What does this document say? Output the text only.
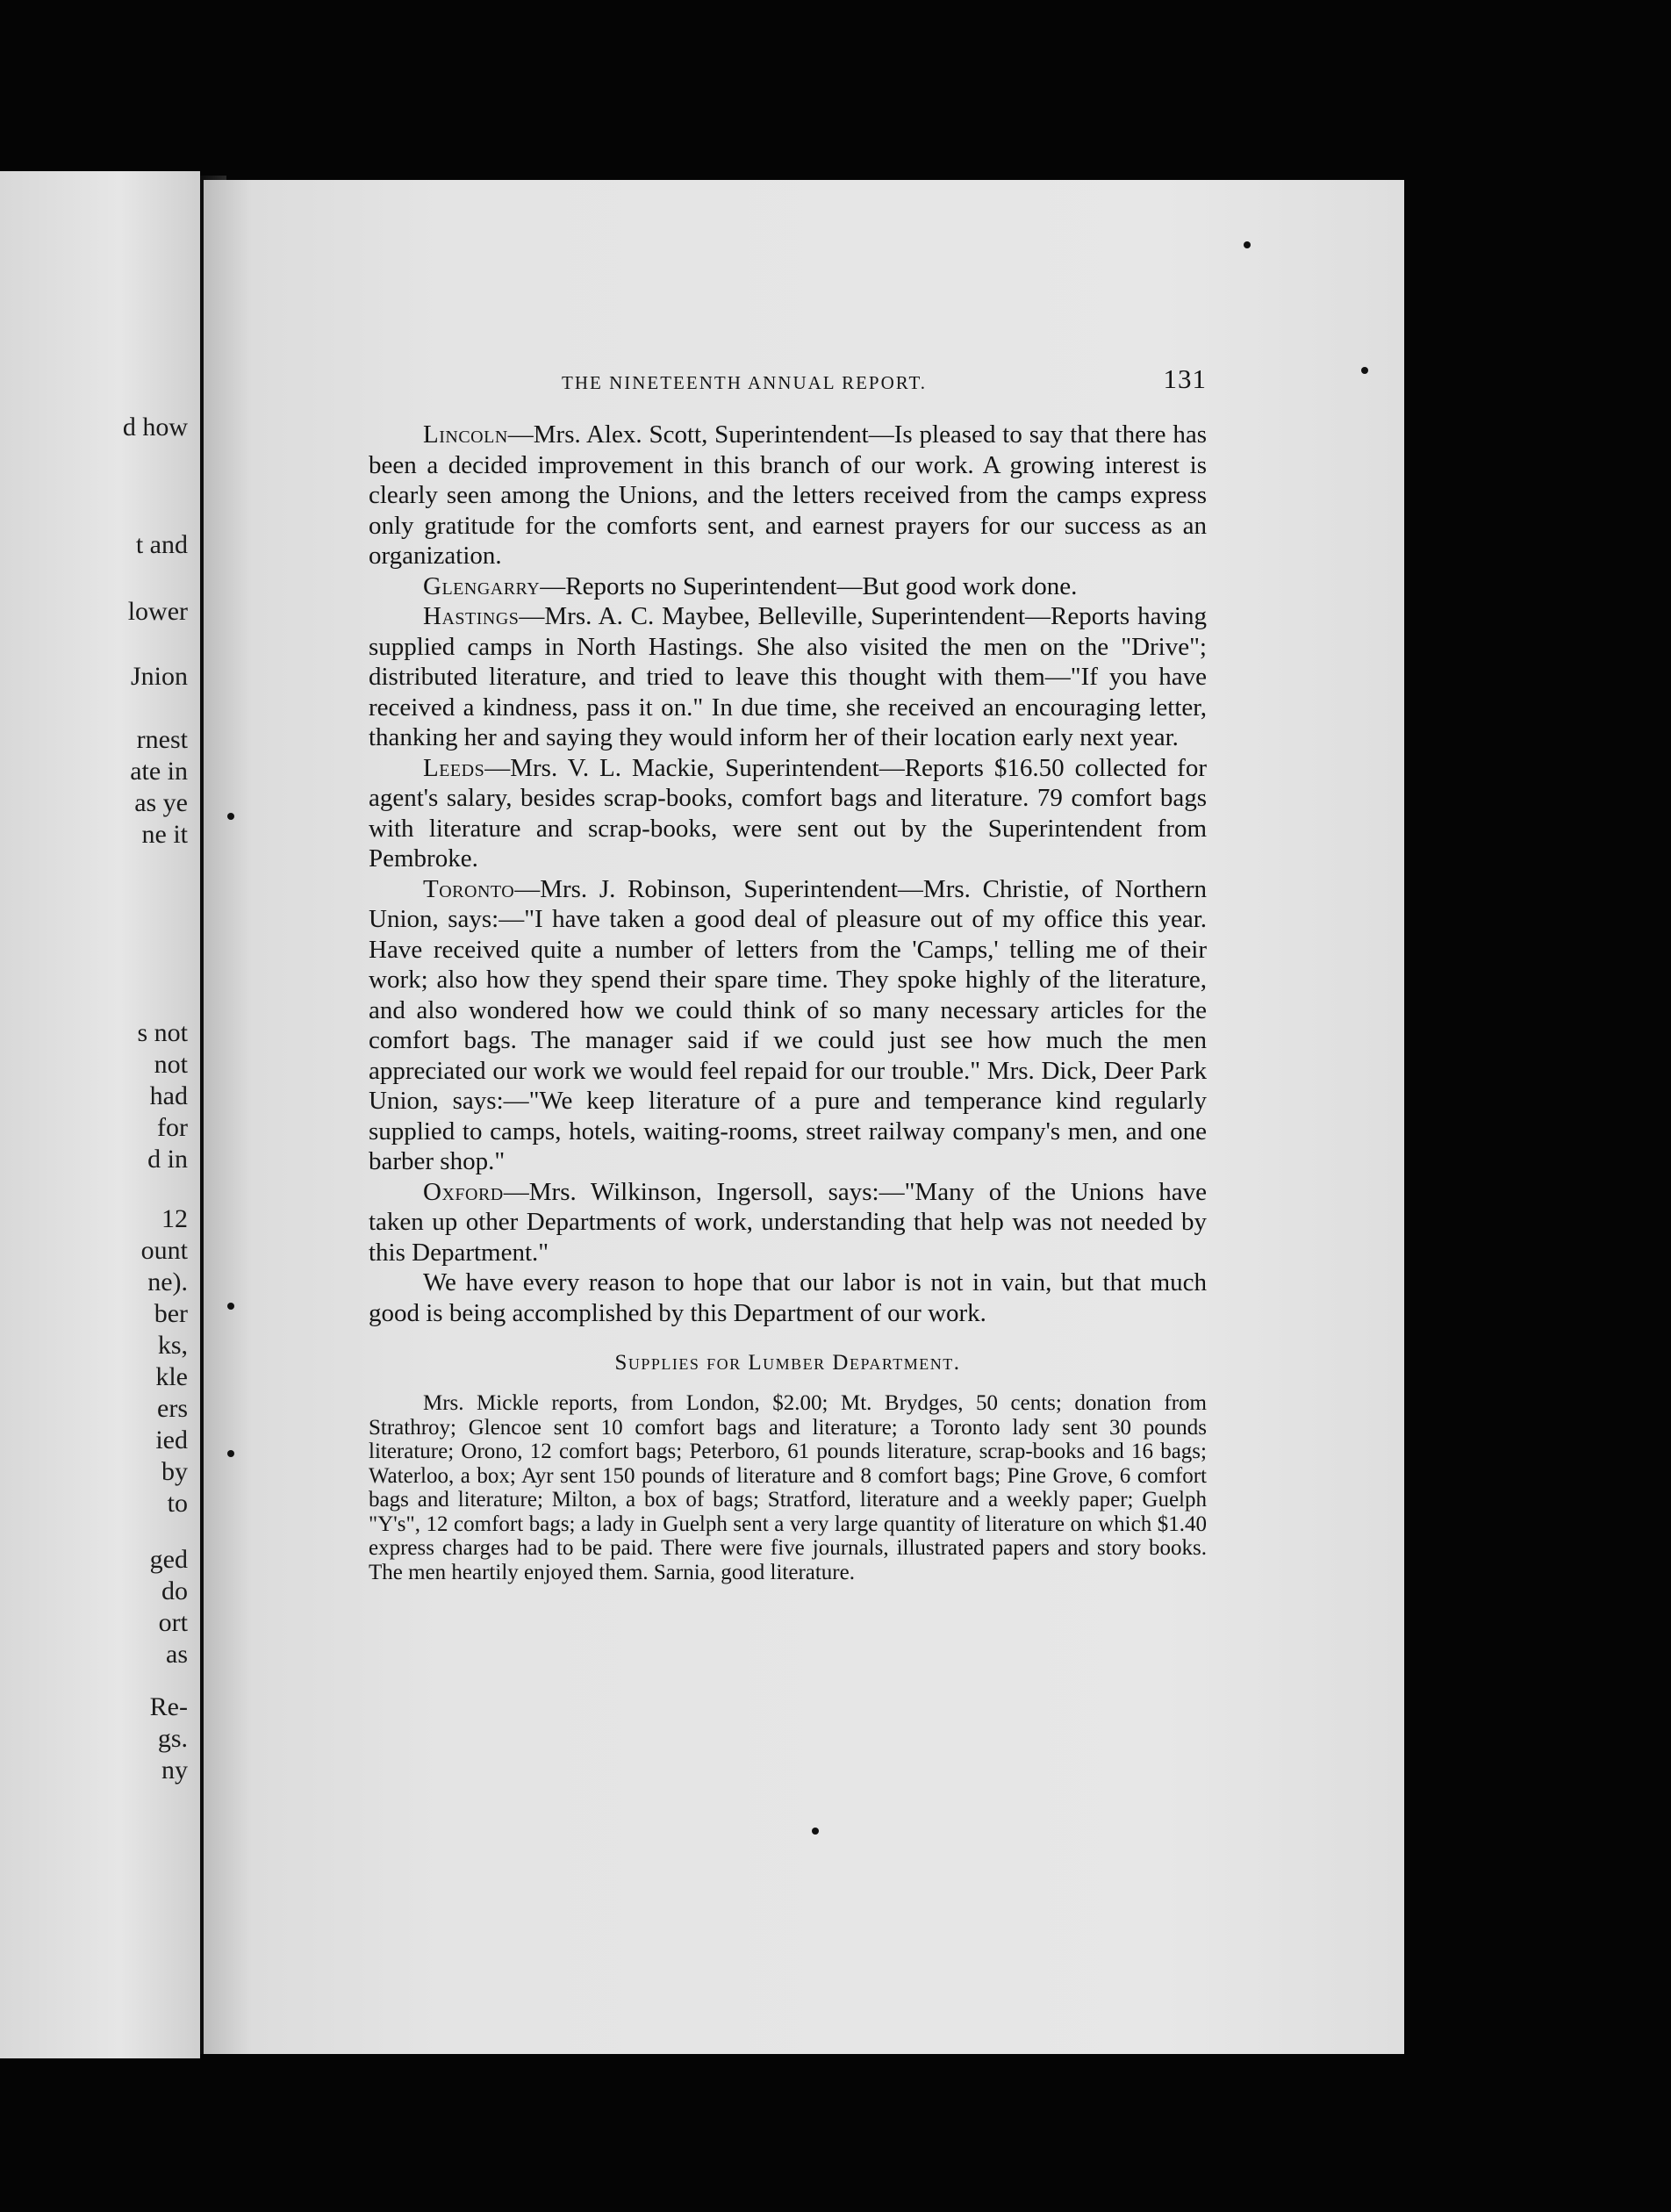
d how
t and
lower
Jnion
rnest
ate in
as ye
ne it
s not
not
had
for
d in
12
ount
ne).
ber
ks,
kle
ers
ied
by
to
ged
do
ort
as
Re-
gs.
ny
THE NINETEENTH ANNUAL REPORT.	131

Lincoln—Mrs. Alex. Scott, Superintendent—Is pleased to say that there has been a decided improvement in this branch of our work. A growing interest is clearly seen among the Unions, and the letters received from the camps express only gratitude for the comforts sent, and earnest prayers for our success as an organization.

Glengarry—Reports no Superintendent—But good work done.

Hastings—Mrs. A. C. Maybee, Belleville, Superintendent—Reports having supplied camps in North Hastings. She also visited the men on the "Drive"; distributed literature, and tried to leave this thought with them—"If you have received a kindness, pass it on." In due time, she received an encouraging letter, thanking her and saying they would inform her of their location early next year.

Leeds—Mrs. V. L. Mackie, Superintendent—Reports $16.50 collected for agent's salary, besides scrap-books, comfort bags and literature. 79 comfort bags with literature and scrap-books, were sent out by the Superintendent from Pembroke.

Toronto—Mrs. J. Robinson, Superintendent—Mrs. Christie, of Northern Union, says:—"I have taken a good deal of pleasure out of my office this year. Have received quite a number of letters from the 'Camps,' telling me of their work; also how they spend their spare time. They spoke highly of the literature, and also wondered how we could think of so many necessary articles for the comfort bags. The manager said if we could just see how much the men appreciated our work we would feel repaid for our trouble." Mrs. Dick, Deer Park Union, says:—"We keep literature of a pure and temperance kind regularly supplied to camps, hotels, waiting-rooms, street railway company's men, and one barber shop."

Oxford—Mrs. Wilkinson, Ingersoll, says:—"Many of the Unions have taken up other Departments of work, understanding that help was not needed by this Department."

We have every reason to hope that our labor is not in vain, but that much good is being accomplished by this Department of our work.

Supplies for Lumber Department.

Mrs. Mickle reports, from London, $2.00; Mt. Brydges, 50 cents; donation from Strathroy; Glencoe sent 10 comfort bags and literature; a Toronto lady sent 30 pounds literature; Orono, 12 comfort bags; Peterboro, 61 pounds literature, scrap-books and 16 bags; Waterloo, a box; Ayr sent 150 pounds of literature and 8 comfort bags; Pine Grove, 6 comfort bags and literature; Milton, a box of bags; Stratford, literature and a weekly paper; Guelph "Y's", 12 comfort bags; a lady in Guelph sent a very large quantity of literature on which $1.40 express charges had to be paid. There were five journals, illustrated papers and story books. The men heartily enjoyed them. Sarnia, good literature.
